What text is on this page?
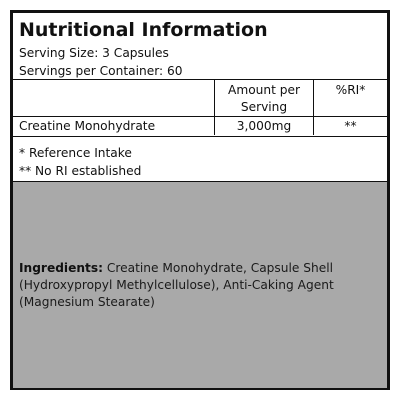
Nutritional Information
Serving Size: 3 Capsules
Servings per Container: 60
Amount per Serving
%RI*
Creatine Monohydrate	3,000mg	**
* Reference Intake
** No RI established
Ingredients: Creatine Monohydrate, Capsule Shell (Hydroxypropyl Methylcellulose), Anti-Caking Agent (Magnesium Stearate)
